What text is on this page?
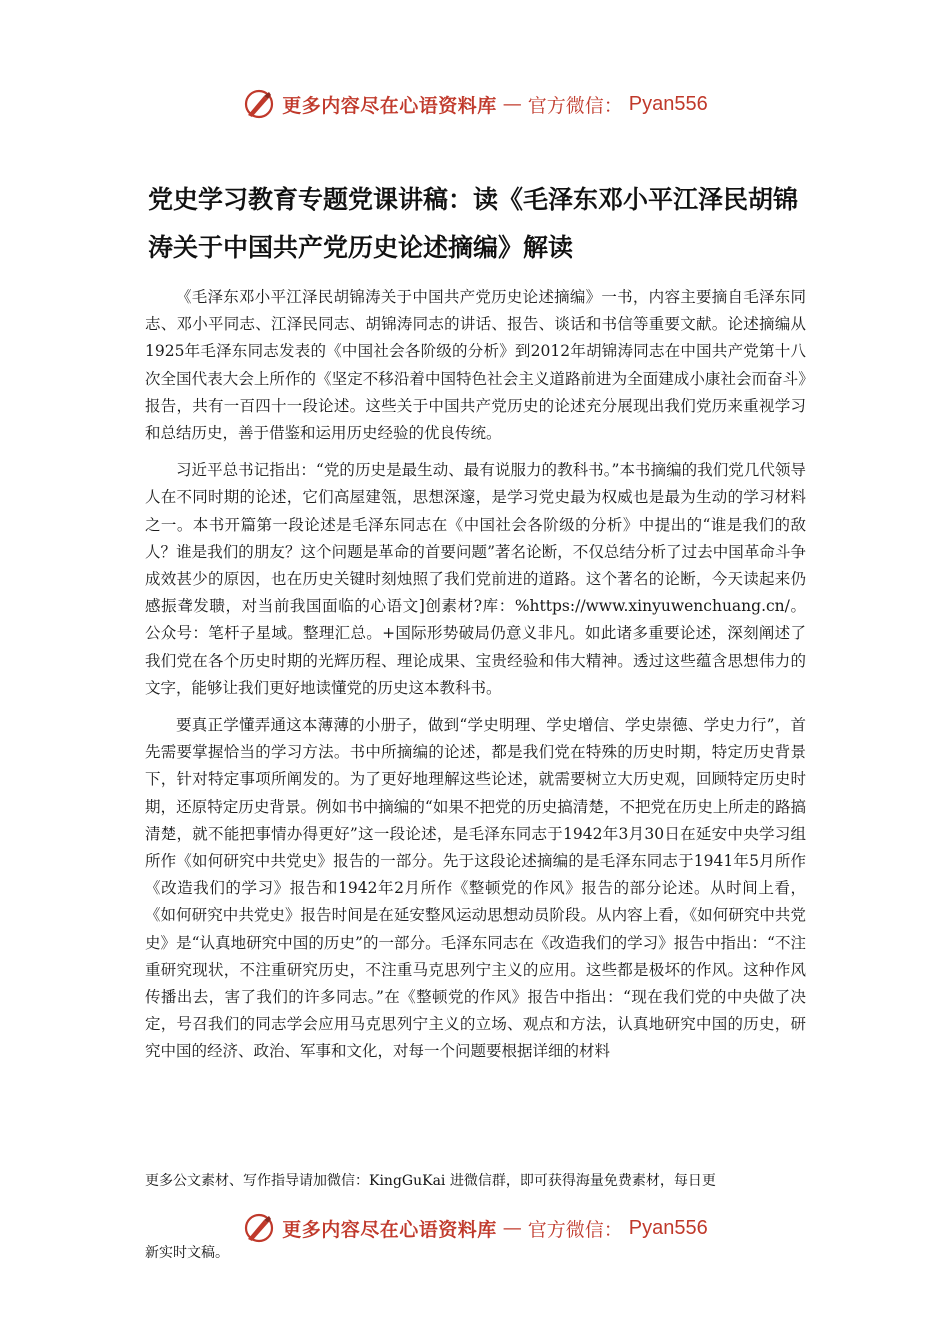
更多内容尽在心语资料库 — 官方微信： Pyan556
党史学习教育专题党课讲稿：读《毛泽东邓小平江泽民胡锦涛关于中国共产党历史论述摘编》解读

《毛泽东邓小平江泽民胡锦涛关于中国共产党历史论述摘编》一书，内容主要摘自毛泽东同志、邓小平同志、江泽民同志、胡锦涛同志的讲话、报告、谈话和书信等重要文献。论述摘编从1925年毛泽东同志发表的《中国社会各阶级的分析》到2012年胡锦涛同志在中国共产党第十八次全国代表大会上所作的《坚定不移沿着中国特色社会主义道路前进为全面建成小康社会而奋斗》报告，共有一百四十一段论述。这些关于中国共产党历史的论述充分展现出我们党历来重视学习和总结历史，善于借鉴和运用历史经验的优良传统。

习近平总书记指出：“党的历史是最生动、最有说服力的教科书。”本书摘编的我们党几代领导人在不同时期的论述，它们高屋建瓴，思想深邃，是学习党史最为权威也是最为生动的学习材料之一。本书开篇第一段论述是毛泽东同志在《中国社会各阶级的分析》中提出的“谁是我们的敌人？谁是我们的朋友？这个问题是革命的首要问题”著名论断，不仅总结分析了过去中国革命斗争成效甚少的原因，也在历史关键时刻烛照了我们党前进的道路。这个著名的论断，今天读起来仍感振聋发聩，对当前我国面临的心语文]创素材?库：%https://www.xinyuwenchuang.cn/。公众号：笔杆子星域。整理汇总。+国际形势破局仍意义非凡。如此诸多重要论述，深刻阐述了我们党在各个历史时期的光辉历程、理论成果、宝贵经验和伟大精神。透过这些蕴含思想伟力的文字，能够让我们更好地读懂党的历史这本教科书。

要真正学懂弄通这本薄薄的小册子，做到“学史明理、学史增信、学史崇德、学史力行”，首先需要掌握恰当的学习方法。书中所摘编的论述，都是我们党在特殊的历史时期，特定历史背景下，针对特定事项所阐发的。为了更好地理解这些论述，就需要树立大历史观，回顾特定历史时期，还原特定历史背景。例如书中摘编的“如果不把党的历史搞清楚，不把党在历史上所走的路搞清楚，就不能把事情办得更好”这一段论述，是毛泽东同志于1942年3月30日在延安中央学习组所作《如何研究中共党史》报告的一部分。先于这段论述摘编的是毛泽东同志于1941年5月所作《改造我们的学习》报告和1942年2月所作《整顿党的作风》报告的部分论述。从时间上看，《如何研究中共党史》报告时间是在延安整风运动思想动员阶段。从内容上看，《如何研究中共党史》是“认真地研究中国的历史”的一部分。毛泽东同志在《改造我们的学习》报告中指出：“不注重研究现状，不注重研究历史，不注重马克思列宁主义的应用。这些都是极坏的作风。这种作风传播出去，害了我们的许多同志。”在《整顿党的作风》报告中指出：“现在我们党的中央做了决定，号召我们的同志学会应用马克思列宁主义的立场、观点和方法，认真地研究中国的历史，研究中国的经济、政治、军事和文化，对每一个问题要根据详细的材料

更多公文素材、写作指导请加微信：KingGuKai 进微信群，即可获得海量免费素材，每日更
更多内容尽在心语资料库 — 官方微信： Pyan556
新实时文稿。
